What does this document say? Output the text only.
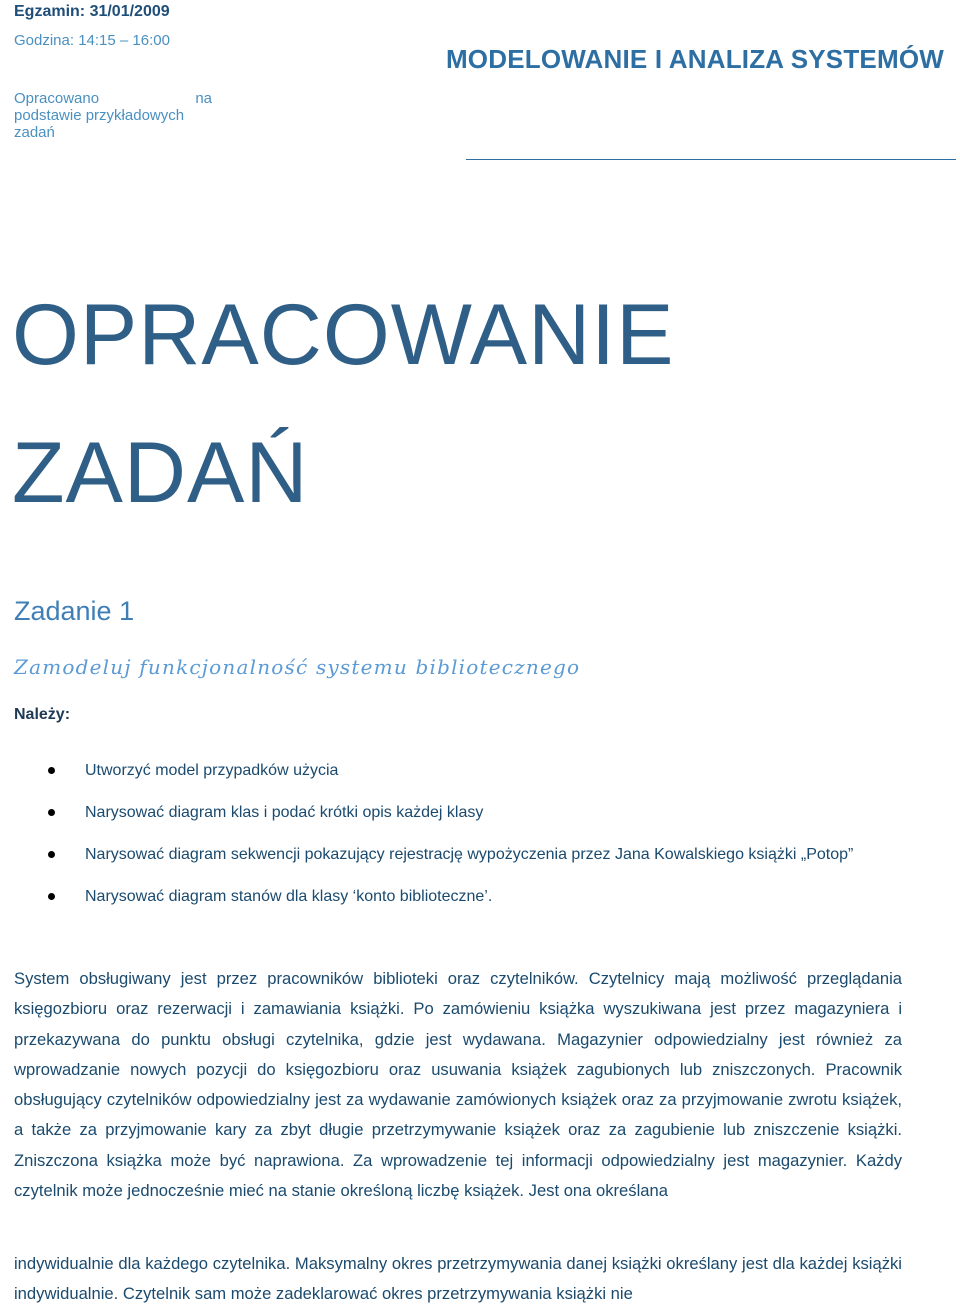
Egzamin: 31/01/2009
Godzina: 14:15 – 16:00
Opracowano	na
podstawie przykładowych
zadań
MODELOWANIE I ANALIZA SYSTEMÓW
OPRACOWANIE
ZADAŃ
Zadanie 1
Zamodeluj funkcjonalność systemu bibliotecznego
Należy:
Utworzyć model przypadków użycia
Narysować diagram klas i podać krótki opis każdej klasy
Narysować diagram sekwencji pokazujący rejestrację wypożyczenia przez Jana Kowalskiego książki „Potop”
Narysować diagram stanów dla klasy ‘konto biblioteczne’.

System obsługiwany jest przez pracowników biblioteki oraz czytelników. Czytelnicy mają możliwość przeglądania księgozbioru oraz rezerwacji i zamawiania książki. Po zamówieniu książka wyszukiwana jest przez magazyniera i przekazywana do punktu obsługi czytelnika, gdzie jest wydawana. Magazynier odpowiedzialny jest również za wprowadzanie nowych pozycji do księgozbioru oraz usuwania książek zagubionych lub zniszczonych. Pracownik obsługujący czytelników odpowiedzialny jest za wydawanie zamówionych książek oraz za przyjmowanie zwrotu książek, a także za przyjmowanie kary za zbyt długie przetrzymywanie książek oraz za zagubienie lub zniszczenie książki. Zniszczona książka może być naprawiona. Za wprowadzenie tej informacji odpowiedzialny jest magazynier. Każdy czytelnik może jednocześnie mieć na stanie określoną liczbę książek. Jest ona określana

indywidualnie dla każdego czytelnika. Maksymalny okres przetrzymywania danej książki określany jest dla każdej książki indywidualnie. Czytelnik sam może zadeklarować okres przetrzymywania książki nie
